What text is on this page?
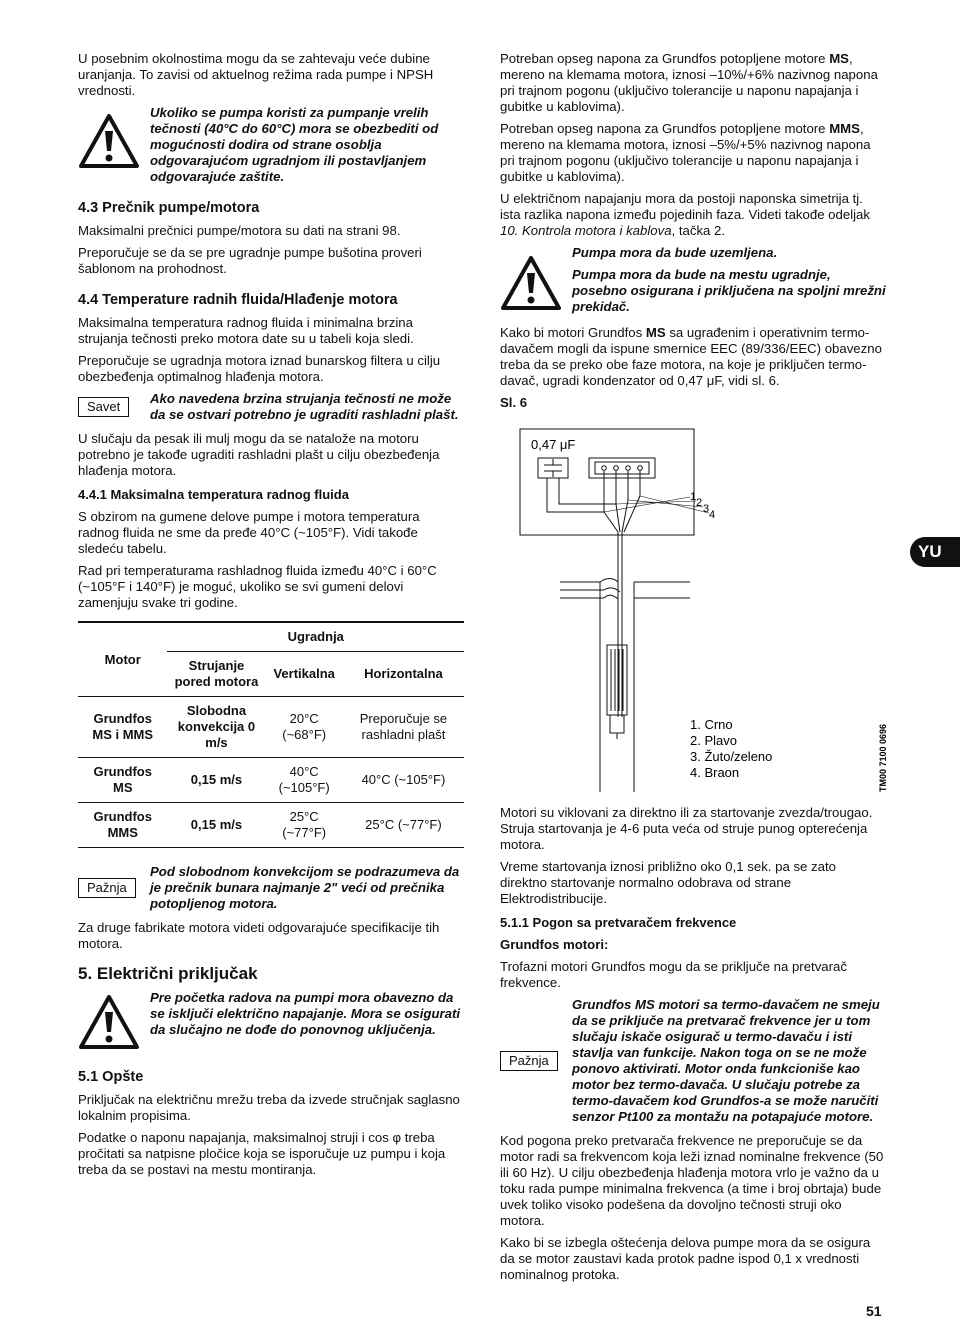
U posebnim okolnostima mogu da se zahtevaju veće dubine uranjanja. To zavisi od aktuelnog režima rada pumpe i NPSH vrednosti.

Ukoliko se pumpa koristi za pumpanje vrelih tečnosti (40°C do 60°C) mora se obezbediti od mogućnosti dodira od strane osoblja odgovarajućom ugradnjom ili postavljanjem odgovarajuće zaštite.
4.3 Prečnik pumpe/motora

Maksimalni prečnici pumpe/motora su dati na strani 98.

Preporučuje se da se pre ugradnje pumpe bušotina proveri šablonom na prohodnost.

4.4 Temperature radnih fluida/Hlađenje motora

Maksimalna temperatura radnog fluida i minimalna brzina strujanja tečnosti preko motora date su u tabeli koja sledi.

Preporučuje se ugradnja motora iznad bunarskog filtera u cilju obezbeđenja optimalnog hlađenja motora.

Savet
Ako navedena brzina strujanja tečnosti ne može da se ostvari potrebno je ugraditi rashladni plašt.

U slučaju da pesak ili mulj mogu da se natalože na motoru potrebno je takođe ugraditi rashladni plašt u cilju obezbeđenja hlađenja motora.

4.4.1 Maksimalna temperatura radnog fluida

S obzirom na gumene delove pumpe i motora temperatura radnog fluida ne sme da pređe 40°C (~105°F). Vidi takođe sledeću tabelu.

Rad pri temperaturama rashladnog fluida između 40°C i 60°C (~105°F i 140°F) je moguć, ukoliko se svi gumeni delovi zamenjuju svake tri godine.

Motor	Ugradnja		
	Strujanje pored motora	Vertikalna	Horizontalna
Grundfos MS i MMS	Slobodna konvekcija 0 m/s	20°C (~68°F)	Preporučuje se rashladni plašt
Grundfos MS	0,15 m/s	40°C (~105°F)	40°C (~105°F)
Grundfos MMS	0,15 m/s	25°C (~77°F)	25°C (~77°F)
Pažnja
Pod slobodnom konvekcijom se podrazumeva da je prečnik bunara najmanje 2" veći od prečnika potopljenog motora.

Za druge fabrikate motora videti odgovarajuće specifikacije tih motora.

5. Električni priključak
Pre početka radova na pumpi mora obavezno da se isključi električno napajanje. Mora se osigurati da slučajno ne dođe do ponovnog uključenja.
5.1 Opšte

Priključak na električnu mrežu treba da izvede stručnjak saglasno lokalnim propisima.

Podatke o naponu napajanja, maksimalnoj struji i cos φ treba pročitati sa natpisne pločice koja se isporučuje uz pumpu i koja treba da se postavi na mestu montiranja.

Potreban opseg napona za Grundfos potopljene motore MS, mereno na klemama motora, iznosi –10%/+6% nazivnog napona pri trajnom pogonu (uključivo tolerancije u naponu napajanja i gubitke u kablovima).

Potreban opseg napona za Grundfos potopljene motore MMS, mereno na klemama motora, iznosi –5%/+5% nazivnog napona pri trajnom pogonu (uključivo tolerancije u naponu napajanja i gubitke u kablovima).

U električnom napajanju mora da postoji naponska simetrija tj. ista razlika napona između pojedinih faza. Videti takođe odeljak 10. Kontrola motora i kablova, tačka 2.

Pumpa mora da bude uzemljena.
Pumpa mora da bude na mestu ugradnje, posebno osigurana i priključena na spoljni mrežni prekidač.

Kako bi motori Grundfos MS sa ugrađenim i operativnim termo-davačem mogli da ispune smernice EEC (89/336/EEC) obavezno treba da se preko obe faze motora, na koje je priključen termo-davač, ugradi kondenzator od 0,47 μF, vidi sl. 6.

Sl. 6

0,47 μF
1 2 3 4
1. Crno
2. Plavo
3. Žuto/zeleno
4. Braon	TM00 7100 0696

Motori su viklovani za direktno ili za startovanje zvezda/trougao. Struja startovanja je 4-6 puta veća od struje punog opterećenja motora.

Vreme startovanja iznosi približno oko 0,1 sek. pa se zato direktno startovanje normalno odobrava od strane Elektrodistribucije.

5.1.1 Pogon sa pretvaračem frekvence

Grundfos motori:

Trofazni motori Grundfos mogu da se priključe na pretvarač frekvence.

Pažnja
Grundfos MS motori sa termo-davačem ne smeju da se priključe na pretvarač frekvence jer u tom slučaju iskače osigurač u termo-davaču i isti stavlja van funkcije. Nakon toga on se ne može ponovo aktivirati. Motor onda funkcioniše kao motor bez termo-davača. U slučaju potrebe za termo-davačem kod Grundfos-a se može naručiti senzor Pt100 za montažu na potapajuće motore.

Kod pogona preko pretvarača frekvence ne preporučuje se da motor radi sa frekvencom koja leži iznad nominalne frekvence (50 ili 60 Hz). U cilju obezbeđenja hlađenja motora vrlo je važno da u toku rada pumpe minimalna frekvenca (a time i broj obrtaja) bude uvek toliko visoko podešena da dovoljno tečnosti struji oko motora.

Kako bi se izbegla oštećenja delova pumpe mora da se osigura da se motor zaustavi kada protok padne ispod 0,1 x vrednosti nominalnog protoka.

YU
51
